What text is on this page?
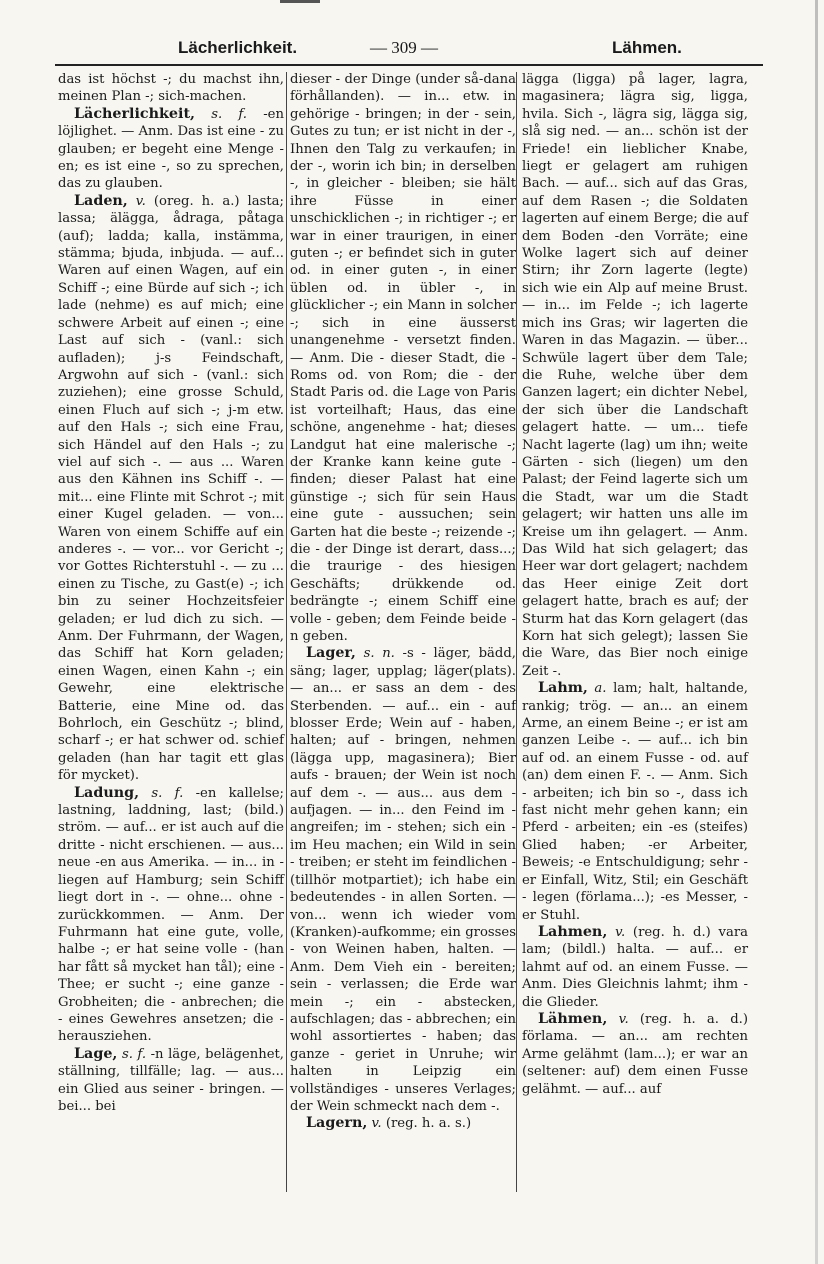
Lächerlichkeit.	— 309 —	Lähmen.

das ist höchst -; du machst ihn, meinen Plan -; sich-machen.

Lächerlichkeit, s. f. -en löjlighet. — Anm. Das ist eine - zu glauben; er begeht eine Menge -en; es ist eine -, so zu sprechen, das zu glauben.

Laden, v. (oreg. h. a.) lasta; lassa; älägga, ådraga, påtaga (auf); ladda; kalla, instämma, stämma; bjuda, inbjuda. — auf... Waren auf einen Wagen, auf ein Schiff -; eine Bürde auf sich -; ich lade (nehme) es auf mich; eine schwere Arbeit auf einen -; eine Last auf sich - (vanl.: sich aufladen); j-s Feindschaft, Argwohn auf sich - (vanl.: sich zuziehen); eine grosse Schuld, einen Fluch auf sich -; j-m etw. auf den Hals -; sich eine Frau, sich Händel auf den Hals -; zu viel auf sich -. — aus ... Waren aus den Kähnen ins Schiff -. — mit... eine Flinte mit Schrot -; mit einer Kugel geladen. — von... Waren von einem Schiffe auf ein anderes -. — vor... vor Gericht -; vor Gottes Richterstuhl -. — zu ... einen zu Tische, zu Gast(e) -; ich bin zu seiner Hochzeitsfeier geladen; er lud dich zu sich. — Anm. Der Fuhrmann, der Wagen, das Schiff hat Korn geladen; einen Wagen, einen Kahn -; ein Gewehr, eine elektrische Batterie, eine Mine od. das Bohrloch, ein Geschütz -; blind, scharf -; er hat schwer od. schief geladen (han har tagit ett glas för mycket).

Ladung, s. f. -en kallelse; lastning, laddning, last; (bild.) ström. — auf... er ist auch auf die dritte - nicht erschienen. — aus... neue -en aus Amerika. — in... in - liegen auf Hamburg; sein Schiff liegt dort in -. — ohne... ohne - zurückkommen. — Anm. Der Fuhrmann hat eine gute, volle, halbe -; er hat seine volle - (han har fått så mycket han tål); eine - Thee; er sucht -; eine ganze - Grobheiten; die - anbrechen; die - eines Gewehres ansetzen; die - herausziehen.

Lage, s. f. -n läge, belägenhet, ställning, tillfälle; lag. — aus... ein Glied aus seiner - bringen. — bei... bei

dieser - der Dinge (under så-dana förhållanden). — in... etw. in gehörige - bringen; in der - sein, Gutes zu tun; er ist nicht in der -, Ihnen den Talg zu verkaufen; in der -, worin ich bin; in derselben -, in gleicher - bleiben; sie hält ihre Füsse in einer unschicklichen -; in richtiger -; er war in einer traurigen, in einer guten -; er befindet sich in guter od. in einer guten -, in einer üblen od. in übler -, in glücklicher -; ein Mann in solcher -; sich in eine äusserst unangenehme - versetzt finden. — Anm. Die - dieser Stadt, die - Roms od. von Rom; die - der Stadt Paris od. die Lage von Paris ist vorteilhaft; Haus, das eine schöne, angenehme - hat; dieses Landgut hat eine malerische -; der Kranke kann keine gute - finden; dieser Palast hat eine günstige -; sich für sein Haus eine gute - aussuchen; sein Garten hat die beste -; reizende -; die - der Dinge ist derart, dass...; die traurige - des hiesigen Geschäfts; drükkende od. bedrängte -; einem Schiff eine volle - geben; dem Feinde beide -n geben.

Lager, s. n. -s - läger, bädd, säng; lager, upplag; läger(plats). — an... er sass an dem - des Sterbenden. — auf... ein - auf blosser Erde; Wein auf - haben, halten; auf - bringen, nehmen (lägga upp, magasinera); Bier aufs - brauen; der Wein ist noch auf dem -. — aus... aus dem - aufjagen. — in... den Feind im - angreifen; im - stehen; sich ein - im Heu machen; ein Wild in sein - treiben; er steht im feindlichen - (tillhör motpartiet); ich habe ein bedeutendes - in allen Sorten. — von... wenn ich wieder vom (Kranken)-aufkomme; ein grosses - von Weinen haben, halten. — Anm. Dem Vieh ein - bereiten; sein - verlassen; die Erde war mein -; ein - abstecken, aufschlagen; das - abbrechen; ein wohl assortiertes - haben; das ganze - geriet in Unruhe; wir halten in Leipzig ein vollständiges - unseres Verlages; der Wein schmeckt nach dem -.

Lagern, v. (reg. h. a. s.)

lägga (ligga) på lager, lagra, magasinera; lägra sig, ligga, hvila. Sich -, lägra sig, lägga sig, slå sig ned. — an... schön ist der Friede! ein lieblicher Knabe, liegt er gelagert am ruhigen Bach. — auf... sich auf das Gras, auf dem Rasen -; die Soldaten lagerten auf einem Berge; die auf dem Boden -den Vorräte; eine Wolke lagert sich auf deiner Stirn; ihr Zorn lagerte (legte) sich wie ein Alp auf meine Brust. — in... im Felde -; ich lagerte mich ins Gras; wir lagerten die Waren in das Magazin. — über... Schwüle lagert über dem Tale; die Ruhe, welche über dem Ganzen lagert; ein dichter Nebel, der sich über die Landschaft gelagert hatte. — um... tiefe Nacht lagerte (lag) um ihn; weite Gärten - sich (liegen) um den Palast; der Feind lagerte sich um die Stadt, war um die Stadt gelagert; wir hatten uns alle im Kreise um ihn gelagert. — Anm. Das Wild hat sich gelagert; das Heer war dort gelagert; nachdem das Heer einige Zeit dort gelagert hatte, brach es auf; der Sturm hat das Korn gelagert (das Korn hat sich gelegt); lassen Sie die Ware, das Bier noch einige Zeit -.

Lahm, a. lam; halt, haltande, rankig; trög. — an... an einem Arme, an einem Beine -; er ist am ganzen Leibe -. — auf... ich bin auf od. an einem Fusse - od. auf (an) dem einen F. -. — Anm. Sich - arbeiten; ich bin so -, dass ich fast nicht mehr gehen kann; ein Pferd - arbeiten; ein -es (steifes) Glied haben; -er Arbeiter, Beweis; -e Entschuldigung; sehr -er Einfall, Witz, Stil; ein Geschäft - legen (förlama...); -es Messer, -er Stuhl.

Lahmen, v. (reg. h. d.) vara lam; (bildl.) halta. — auf... er lahmt auf od. an einem Fusse. — Anm. Dies Gleichnis lahmt; ihm - die Glieder.

Lähmen, v. (reg. h. a. d.) förlama. — an... am rechten Arme gelähmt (lam...); er war an (seltener: auf) dem einen Fusse gelähmt. — auf... auf
